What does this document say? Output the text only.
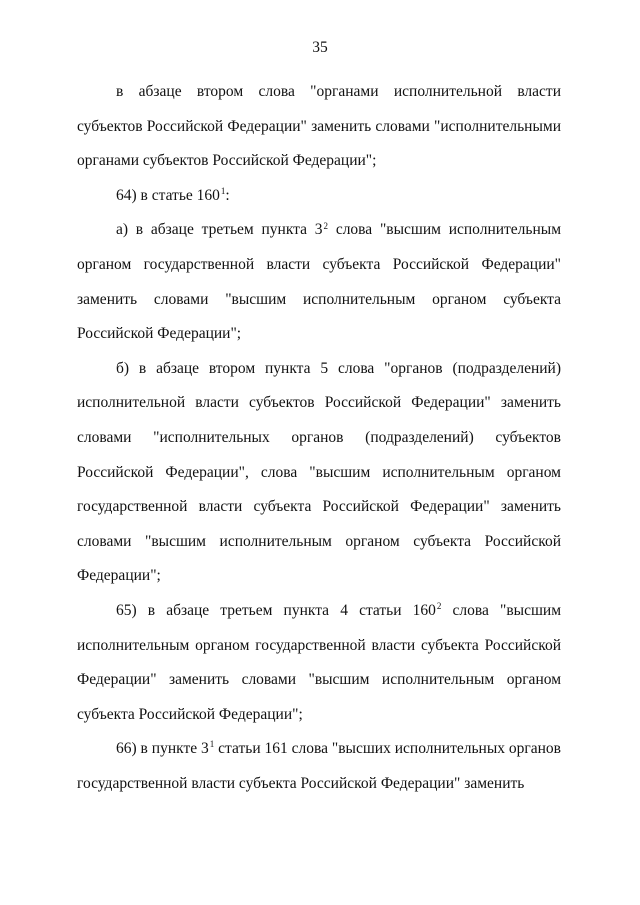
35

в абзаце втором слова "органами исполнительной власти субъектов Российской Федерации" заменить словами "исполнительными органами субъектов Российской Федерации";

64) в статье $160^1$:

а) в абзаце третьем пункта $3^2$ слова "высшим исполнительным органом государственной власти субъекта Российской Федерации" заменить словами "высшим исполнительным органом субъекта Российской Федерации";

б) в абзаце втором пункта 5 слова "органов (подразделений) исполнительной власти субъектов Российской Федерации" заменить словами "исполнительных органов (подразделений) субъектов Российской Федерации", слова "высшим исполнительным органом государственной власти субъекта Российской Федерации" заменить словами "высшим исполнительным органом субъекта Российской Федерации";

65) в абзаце третьем пункта 4 статьи $160^2$ слова "высшим исполнительным органом государственной власти субъекта Российской Федерации" заменить словами "высшим исполнительным органом субъекта Российской Федерации";

66) в пункте $3^1$ статьи 161 слова "высших исполнительных органов государственной власти субъекта Российской Федерации" заменить
